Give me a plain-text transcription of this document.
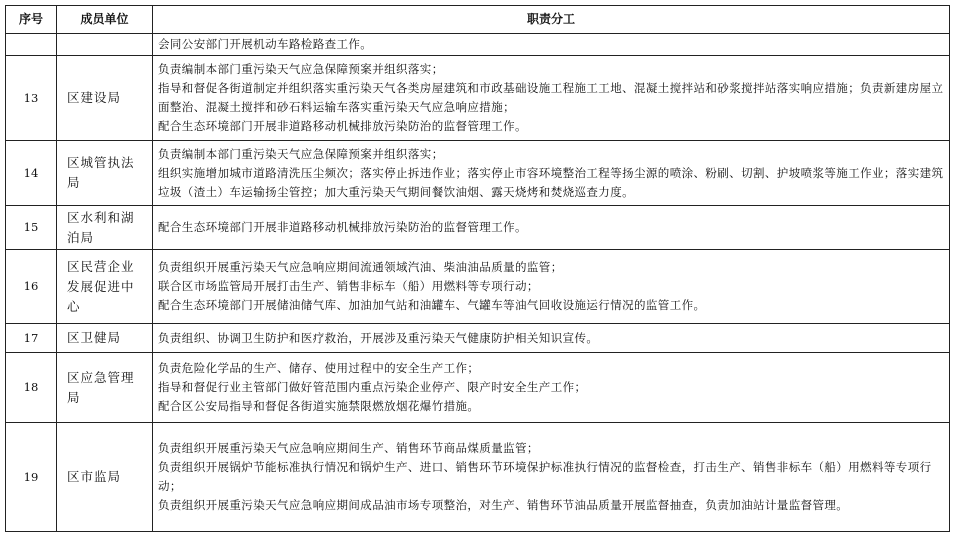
序号	成员单位	职责分工

		会同公安部门开展机动车路检路查工作。

13	区建设局	负责编制本部门重污染天气应急保障预案并组织落实；
指导和督促各街道制定并组织落实重污染天气各类房屋建筑和市政基础设施工程施工工地、混凝土搅拌站和砂浆搅拌站落实响应措施；负责新建房屋立面整治、混凝土搅拌和砂石料运输车落实重污染天气应急响应措施；
配合生态环境部门开展非道路移动机械排放污染防治的监督管理工作。

14	区城管执法局	负责编制本部门重污染天气应急保障预案并组织落实；
组织实施增加城市道路清洗压尘频次；落实停止拆违作业；落实停止市容环境整治工程等扬尘源的喷涂、粉刷、切割、护坡喷浆等施工作业；落实建筑垃圾（渣土）车运输扬尘管控；加大重污染天气期间餐饮油烟、露天烧烤和焚烧巡查力度。

15	区水利和湖泊局	配合生态环境部门开展非道路移动机械排放污染防治的监督管理工作。

16	区民营企业发展促进中心	负责组织开展重污染天气应急响应期间流通领域汽油、柴油油品质量的监管；
联合区市场监管局开展打击生产、销售非标车（船）用燃料等专项行动；
配合生态环境部门开展储油储气库、加油加气站和油罐车、气罐车等油气回收设施运行情况的监管工作。

17	区卫健局	负责组织、协调卫生防护和医疗救治，开展涉及重污染天气健康防护相关知识宣传。

18	区应急管理局	负责危险化学品的生产、储存、使用过程中的安全生产工作；
指导和督促行业主管部门做好管范围内重点污染企业停产、限产时安全生产工作；
配合区公安局指导和督促各街道实施禁限燃放烟花爆竹措施。

19	区市监局	负责组织开展重污染天气应急响应期间生产、销售环节商品煤质量监管；
负责组织开展锅炉节能标准执行情况和锅炉生产、进口、销售环节环境保护标准执行情况的监督检查，打击生产、销售非标车（船）用燃料等专项行动；
负责组织开展重污染天气应急响应期间成品油市场专项整治，对生产、销售环节油品质量开展监督抽查，负责加油站计量监督管理。
